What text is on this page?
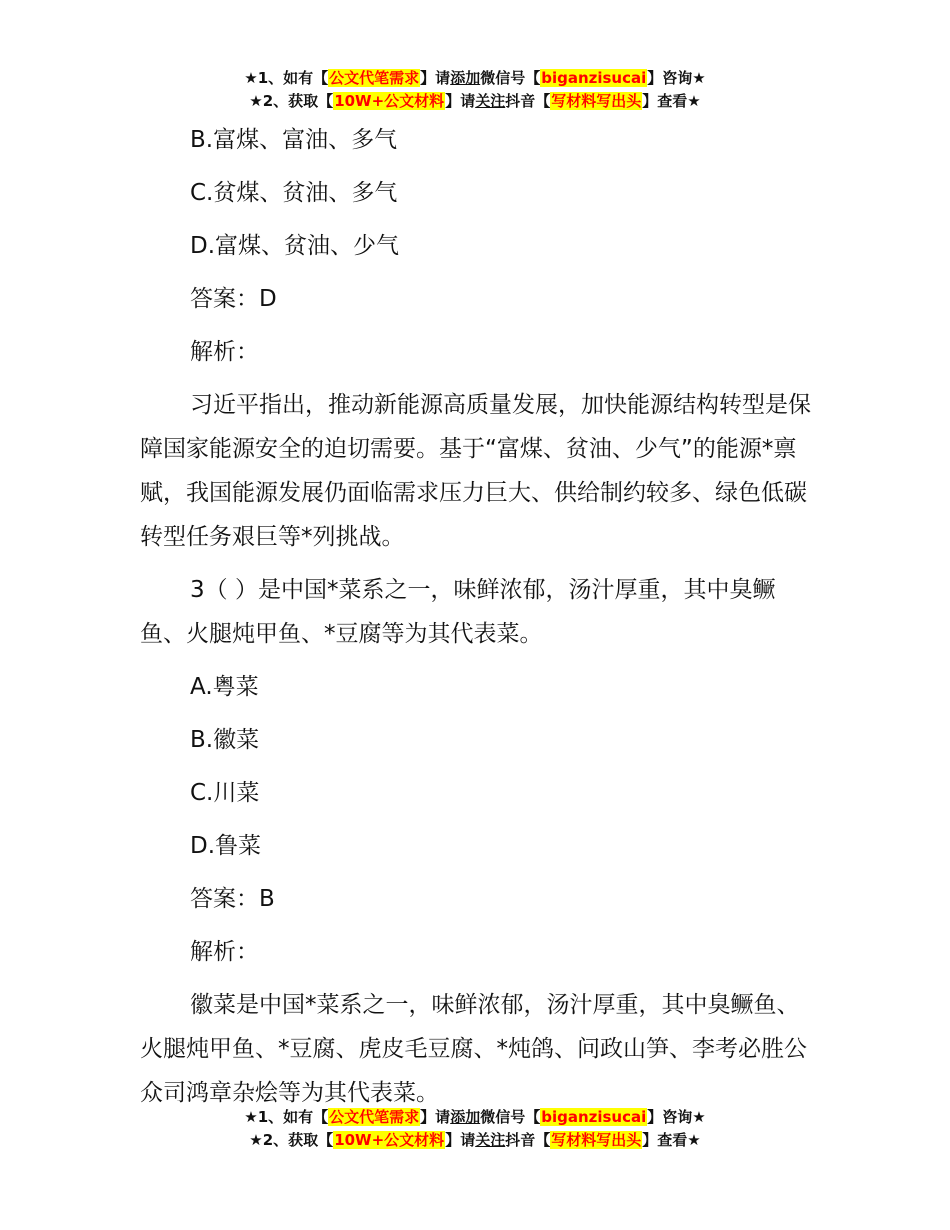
★1、如有【公文代笔需求】请添加微信号【biganzisucai】咨询★
★2、获取【10W+公文材料】请关注抖音【写材料写出头】查看★

B.富煤、富油、多气

C.贫煤、贫油、多气

D.富煤、贫油、少气

答案：D

解析：

习近平指出，推动新能源高质量发展，加快能源结构转型是保障国家能源安全的迫切需要。基于“富煤、贫油、少气”的能源*禀赋，我国能源发展仍面临需求压力巨大、供给制约较多、绿色低碳转型任务艰巨等*列挑战。

3（ ）是中国*菜系之一，味鲜浓郁，汤汁厚重，其中臭鳜鱼、火腿炖甲鱼、*豆腐等为其代表菜。

A.粤菜

B.徽菜

C.川菜

D.鲁菜

答案：B

解析：

徽菜是中国*菜系之一，味鲜浓郁，汤汁厚重，其中臭鳜鱼、火腿炖甲鱼、*豆腐、虎皮毛豆腐、*炖鸽、问政山笋、李考必胜公众司鸿章杂烩等为其代表菜。

★1、如有【公文代笔需求】请添加微信号【biganzisucai】咨询★
★2、获取【10W+公文材料】请关注抖音【写材料写出头】查看★
